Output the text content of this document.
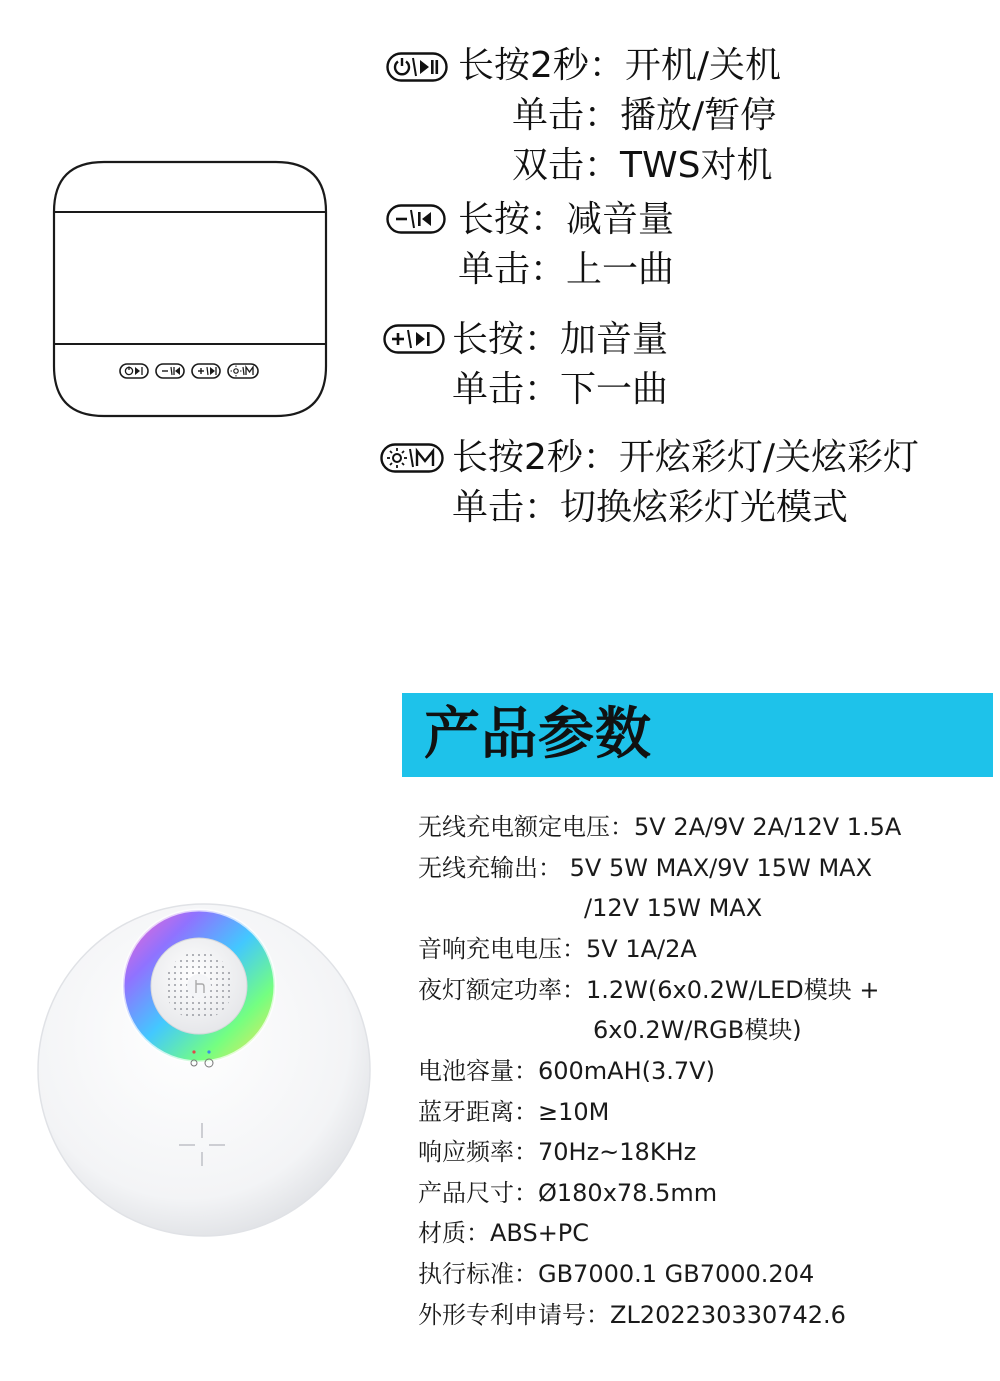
长按2秒：开机/关机
单击：播放/暂停
双击：TWS对机
长按：减音量
单击：上一曲
长按：加音量
单击：下一曲
长按2秒：开炫彩灯/关炫彩灯
单击：切换炫彩灯光模式
产品参数
无线充电额定电压：5V 2A/9V 2A/12V 1.5A
无线充输出： 5V 5W MAX/9V 15W MAX
/12V 15W MAX
音响充电电压：5V 1A/2A
夜灯额定功率：1.2W(6x0.2W/LED模块 +
6x0.2W/RGB模块)
电池容量：600mAH(3.7V)
蓝牙距离：≥10M
响应频率：70Hz~18KHz
产品尺寸：Ø180x78.5mm
材质：ABS+PC
执行标准：GB7000.1 GB7000.204
外形专利申请号：ZL202230330742.6
